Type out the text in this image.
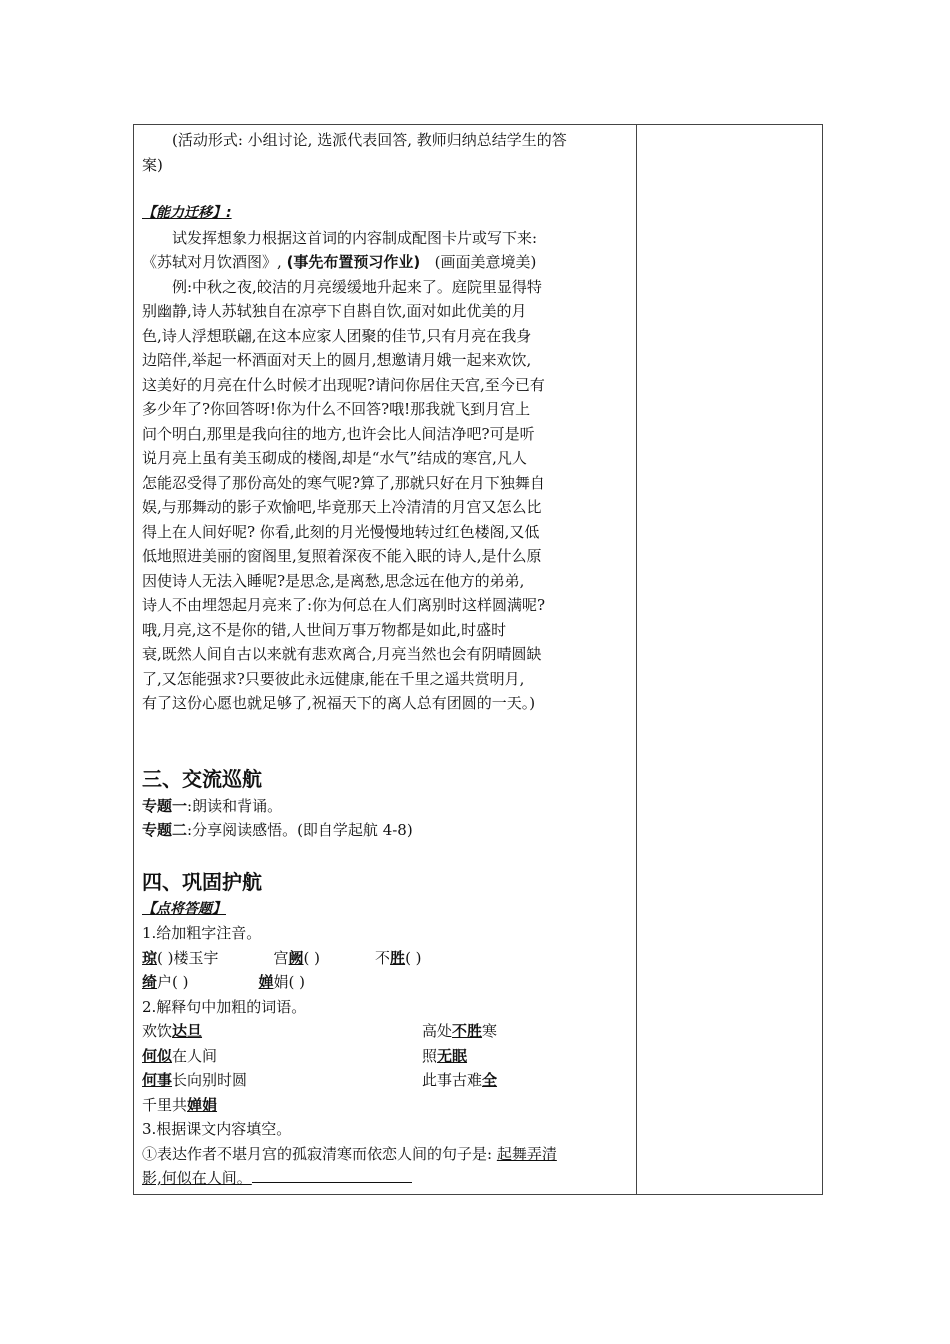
(活动形式: 小组讨论, 选派代表回答, 教师归纳总结学生的答

案)

【能力迁移】:

试发挥想象力根据这首词的内容制成配图卡片或写下来:

《苏轼对月饮酒图》, (事先布置预习作业) (画面美意境美)

例:中秋之夜,皎洁的月亮缓缓地升起来了。庭院里显得特

别幽静,诗人苏轼独自在凉亭下自斟自饮,面对如此优美的月

色,诗人浮想联翩,在这本应家人团聚的佳节,只有月亮在我身

边陪伴,举起一杯酒面对天上的圆月,想邀请月娥一起来欢饮,

这美好的月亮在什么时候才出现呢?请问你居住天宫,至今已有

多少年了?你回答呀!你为什么不回答?哦!那我就飞到月宫上

问个明白,那里是我向往的地方,也许会比人间洁净吧?可是听

说月亮上虽有美玉砌成的楼阁,却是“水气”结成的寒宫,凡人

怎能忍受得了那份高处的寒气呢?算了,那就只好在月下独舞自

娱,与那舞动的影子欢愉吧,毕竟那天上冷清清的月宫又怎么比

得上在人间好呢? 你看,此刻的月光慢慢地转过红色楼阁,又低

低地照进美丽的窗阁里,复照着深夜不能入眠的诗人,是什么原

因使诗人无法入睡呢?是思念,是离愁,思念远在他方的弟弟,

诗人不由埋怨起月亮来了:你为何总在人们离别时这样圆满呢?

哦,月亮,这不是你的错,人世间万事万物都是如此,时盛时

衰,既然人间自古以来就有悲欢离合,月亮当然也会有阴晴圆缺

了,又怎能强求?只要彼此永远健康,能在千里之遥共赏明月,

有了这份心愿也就足够了,祝福天下的离人总有团圆的一天。)

三、交流巡航

专题一:朗读和背诵。

专题二:分享阅读感悟。(即自学起航 4-8)

四、巩固护航

【点将答题】

1.给加粗字注音。

琼( )楼玉宇	宫阙( )	不胜( )

绮户( )	婵娟( )

2.解释句中加粗的词语。

欢饮达旦	高处不胜寒
何似在人间	照无眠
何事长向别时圆	此事古难全
千里共婵娟

3.根据课文内容填空。

①表达作者不堪月宫的孤寂清寒而依恋人间的句子是: 起舞弄清

影,何似在人间。
